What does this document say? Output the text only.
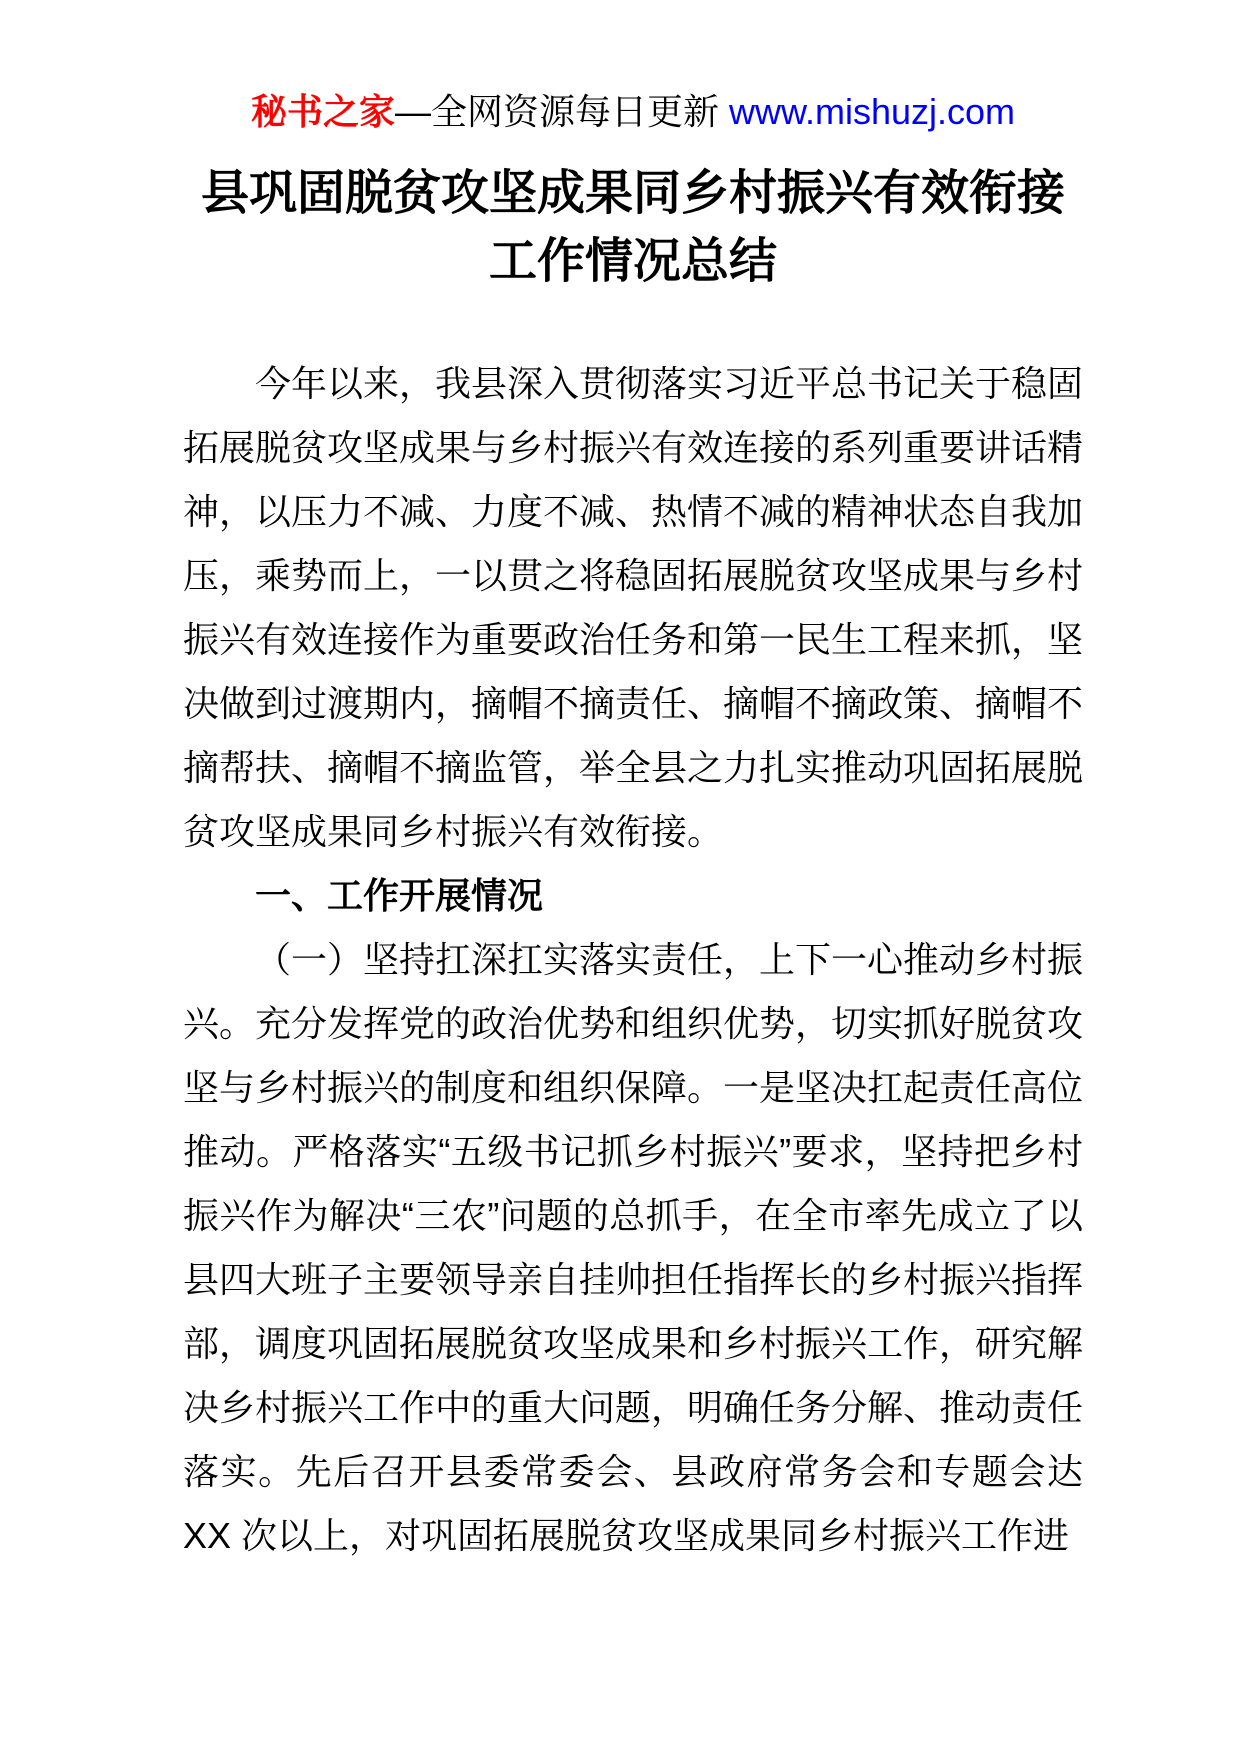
秘书之家—全网资源每日更新 www.mishuzj.com
县巩固脱贫攻坚成果同乡村振兴有效衔接
工作情况总结

今年以来，我县深入贯彻落实习近平总书记关于稳固拓展脱贫攻坚成果与乡村振兴有效连接的系列重要讲话精神，以压力不减、力度不减、热情不减的精神状态自我加压，乘势而上，一以贯之将稳固拓展脱贫攻坚成果与乡村振兴有效连接作为重要政治任务和第一民生工程来抓，坚决做到过渡期内，摘帽不摘责任、摘帽不摘政策、摘帽不摘帮扶、摘帽不摘监管，举全县之力扎实推动巩固拓展脱贫攻坚成果同乡村振兴有效衔接。

一、工作开展情况

（一）坚持扛深扛实落实责任，上下一心推动乡村振兴。充分发挥党的政治优势和组织优势，切实抓好脱贫攻坚与乡村振兴的制度和组织保障。一是坚决扛起责任高位推动。严格落实“五级书记抓乡村振兴”要求，坚持把乡村振兴作为解决“三农”问题的总抓手，在全市率先成立了以县四大班子主要领导亲自挂帅担任指挥长的乡村振兴指挥部，调度巩固拓展脱贫攻坚成果和乡村振兴工作，研究解决乡村振兴工作中的重大问题，明确任务分解、推动责任落实。先后召开县委常委会、县政府常务会和专题会达 XX 次以上，对巩固拓展脱贫攻坚成果同乡村振兴工作进
